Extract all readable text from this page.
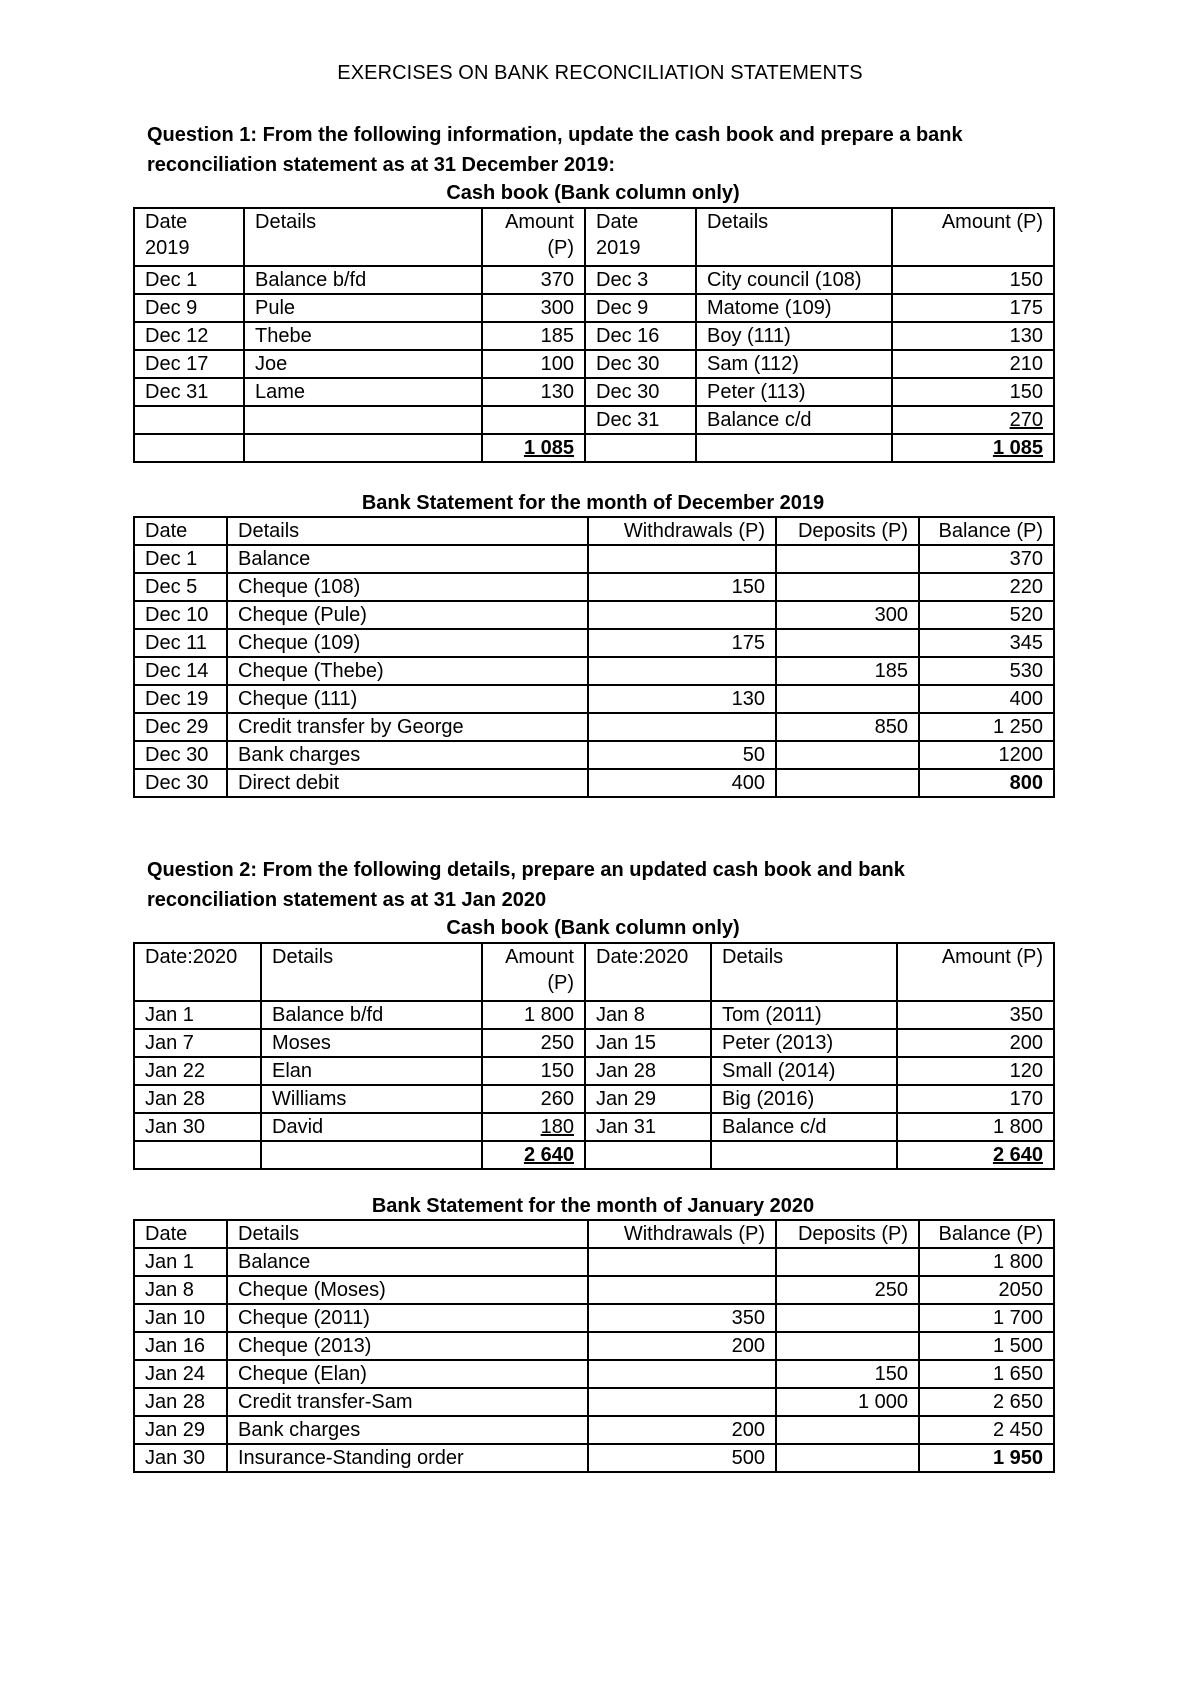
EXERCISES ON BANK RECONCILIATION STATEMENTS
Question 1: From the following information, update the cash book and prepare a bank
reconciliation statement as at 31 December 2019:
Cash book (Bank column only)
Date 2019	Details	Amount (P)	Date 2019	Details	Amount (P)
Dec 1	Balance b/fd	370	Dec 3	City council (108)	150
Dec 9	Pule	300	Dec 9	Matome (109)	175
Dec 12	Thebe	185	Dec 16	Boy (111)	130
Dec 17	Joe	100	Dec 30	Sam (112)	210
Dec 31	Lame	130	Dec 30	Peter (113)	150
			Dec 31	Balance c/d	270
		1 085			1 085
Bank Statement for the month of December 2019
Date	Details	Withdrawals (P)	Deposits (P)	Balance (P)
Dec 1	Balance			370
Dec 5	Cheque (108)	150		220
Dec 10	Cheque (Pule)		300	520
Dec 11	Cheque (109)	175		345
Dec 14	Cheque (Thebe)		185	530
Dec 19	Cheque (111)	130		400
Dec 29	Credit transfer by George		850	1 250
Dec 30	Bank charges	50		1200
Dec 30	Direct debit	400		800
Question 2: From the following details, prepare an updated cash book and bank
reconciliation statement as at 31 Jan 2020
Cash book (Bank column only)
Date:2020	Details	Amount (P)	Date:2020	Details	Amount (P)
Jan 1	Balance b/fd	1 800	Jan 8	Tom (2011)	350
Jan 7	Moses	250	Jan 15	Peter (2013)	200
Jan 22	Elan	150	Jan 28	Small (2014)	120
Jan 28	Williams	260	Jan 29	Big (2016)	170
Jan 30	David	180	Jan 31	Balance c/d	1 800
		2 640			2 640
Bank Statement for the month of January 2020
Date	Details	Withdrawals (P)	Deposits (P)	Balance (P)
Jan 1	Balance			1 800
Jan 8	Cheque (Moses)		250	2050
Jan 10	Cheque (2011)	350		1 700
Jan 16	Cheque (2013)	200		1 500
Jan 24	Cheque (Elan)		150	1 650
Jan 28	Credit transfer-Sam		1 000	2 650
Jan 29	Bank charges	200		2 450
Jan 30	Insurance-Standing order	500		1 950
